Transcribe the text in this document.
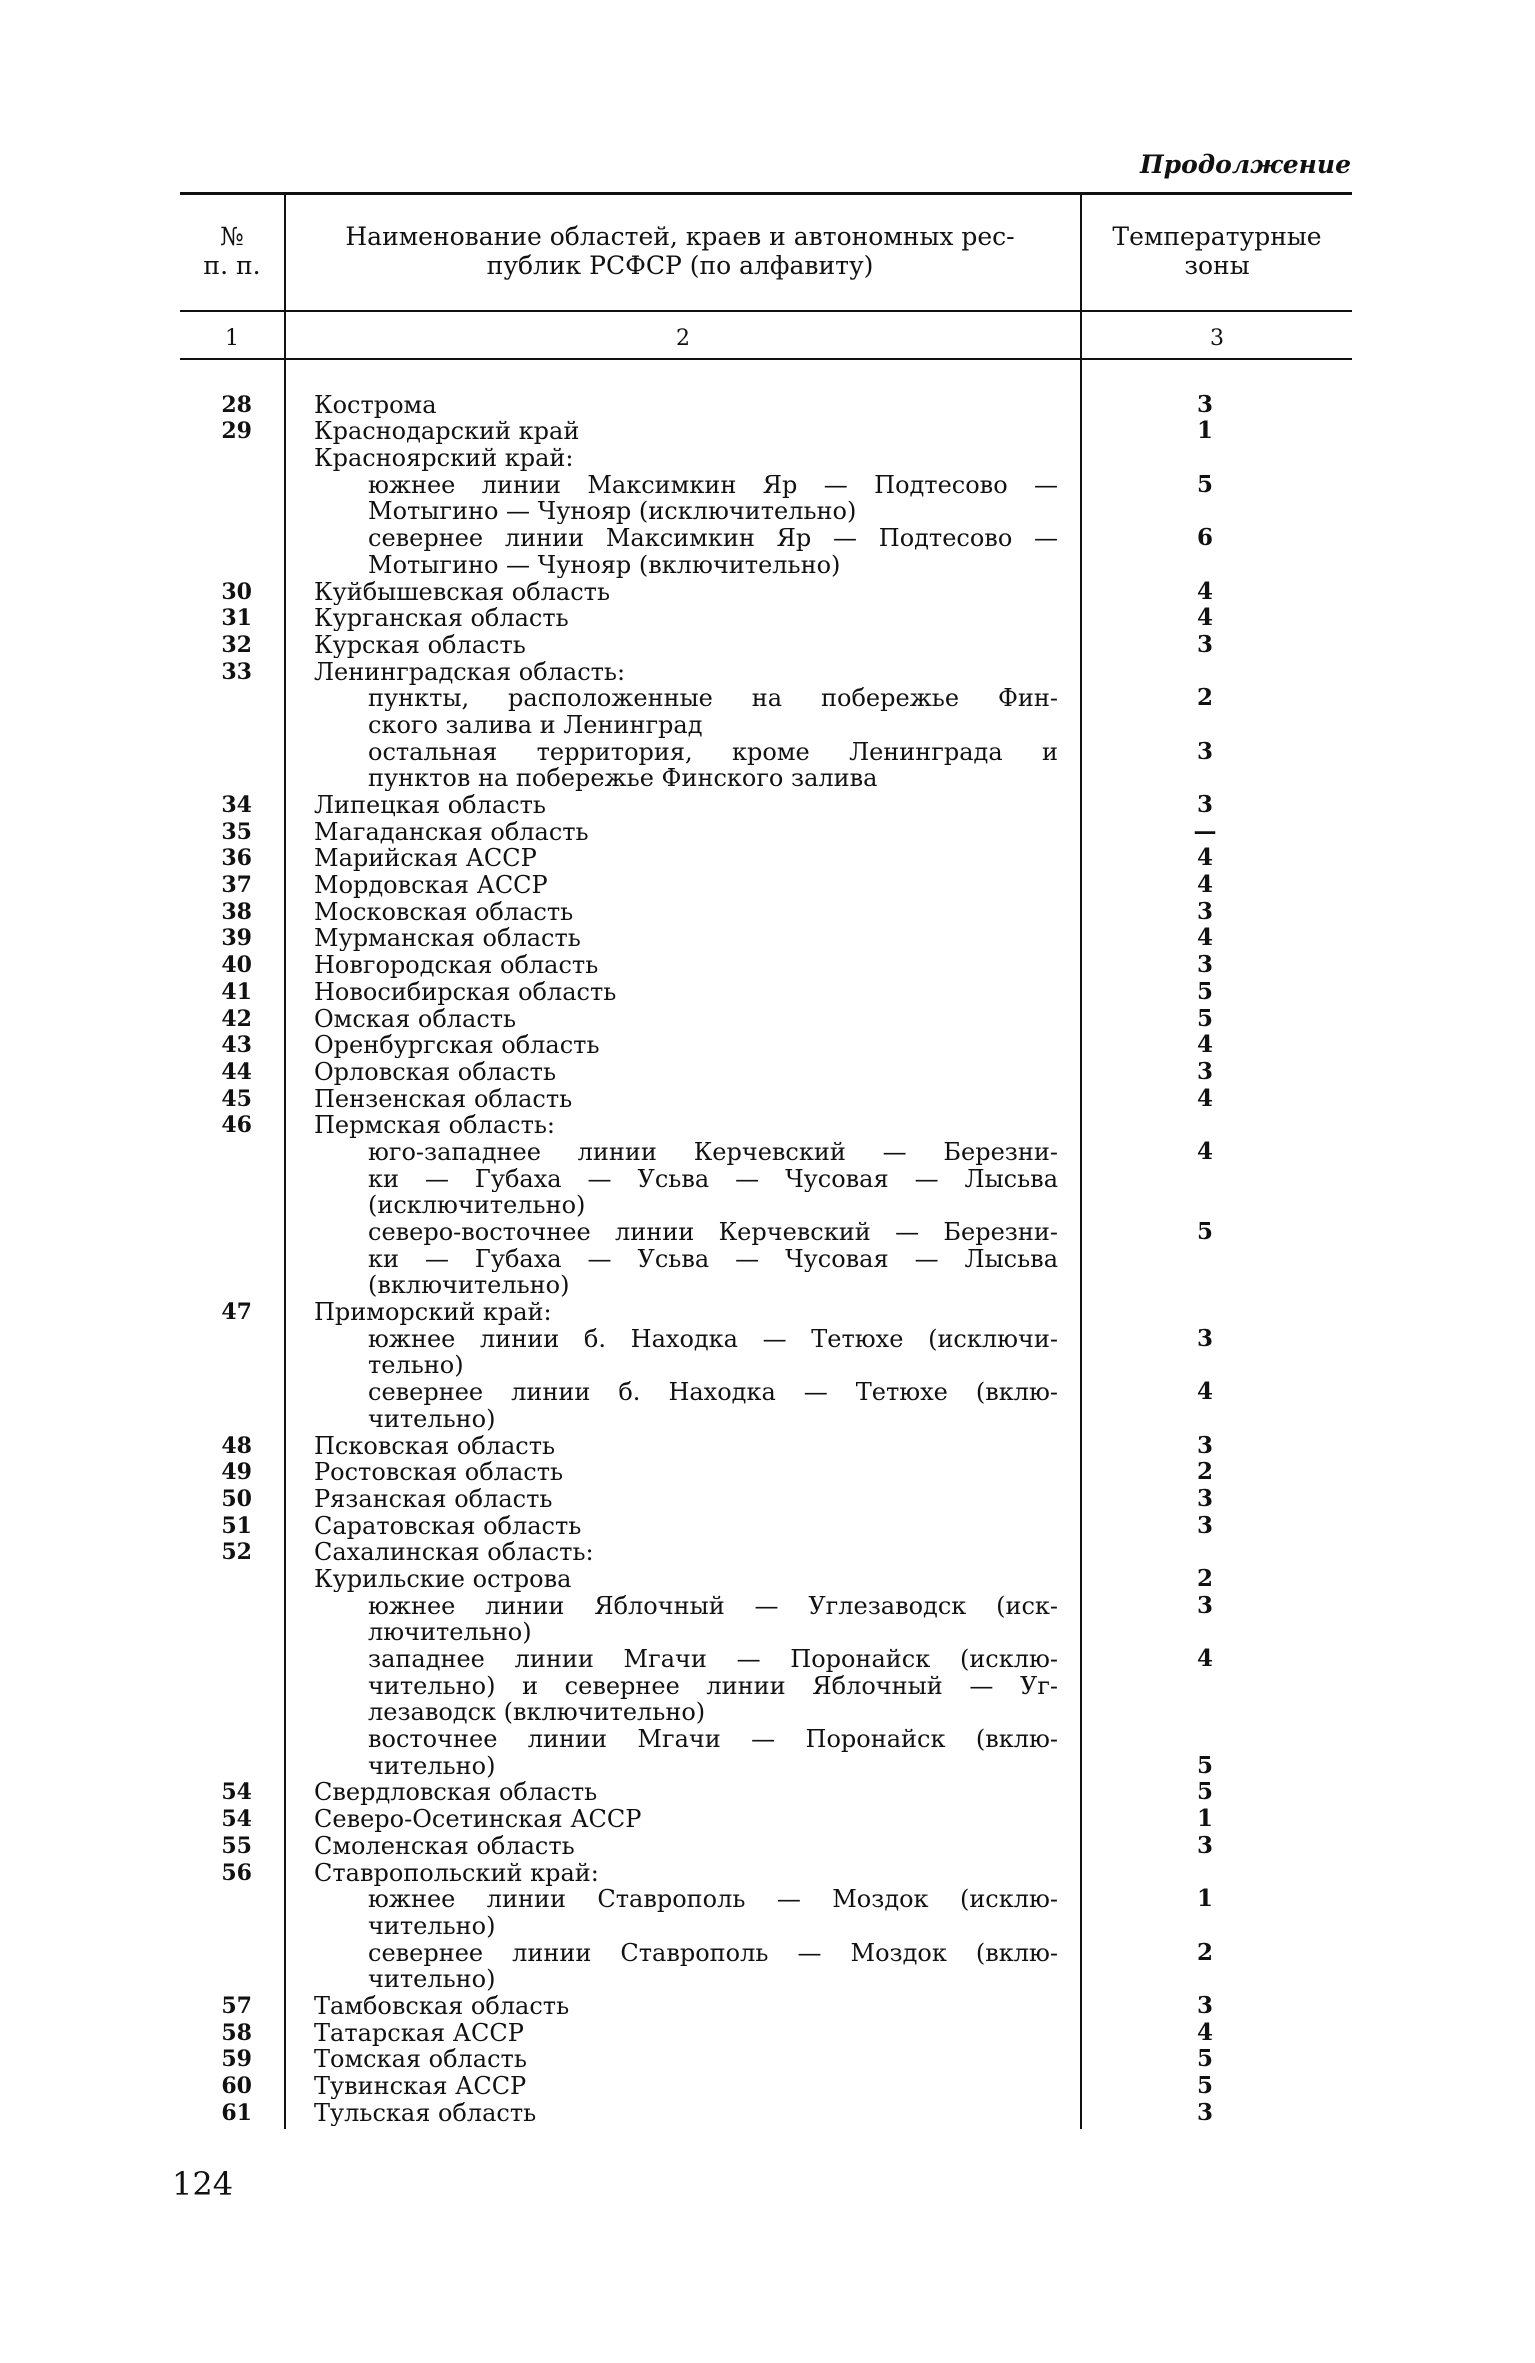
Продолжение
№
п. п.
Наименование областей, краев и автономных рес-
публик РСФСР (по алфавиту)
Температурные
зоны
1	2	3
28	Кострома	3
29	Краснодарский край	1
Красноярский край:
южнее линии Максимкин Яр — Подтесово —	5
Мотыгино — Чунояр (исключительно)
севернее линии Максимкин Яр — Подтесово —	6
Мотыгино — Чунояр (включительно)
30	Куйбышевская область	4
31	Курганская область	4
32	Курская область	3
33	Ленинградская область:
пункты, расположенные на побережье Фин-	2
ского залива и Ленинград
остальная территория, кроме Ленинграда и	3
пунктов на побережье Финского залива
34	Липецкая область	3
35	Магаданская область	—
36	Марийская АССР	4
37	Мордовская АССР	4
38	Московская область	3
39	Мурманская область	4
40	Новгородская область	3
41	Новосибирская область	5
42	Омская область	5
43	Оренбургская область	4
44	Орловская область	3
45	Пензенская область	4
46	Пермская область:
юго-западнее линии Керчевский — Березни-	4
ки — Губаха — Усьва — Чусовая — Лысьва
(исключительно)
северо-восточнее линии Керчевский — Березни-	5
ки — Губаха — Усьва — Чусовая — Лысьва
(включительно)
47	Приморский край:
южнее линии б. Находка — Тетюхе (исключи-	3
тельно)
севернее линии б. Находка — Тетюхе (вклю-	4
чительно)
48	Псковская область	3
49	Ростовская область	2
50	Рязанская область	3
51	Саратовская область	3
52	Сахалинская область:
Курильские острова	2
южнее линии Яблочный — Углезаводск (иск-	3
лючительно)
западнее линии Мгачи — Поронайск (исклю-	4
чительно) и севернее линии Яблочный — Уг-
лезаводск (включительно)
восточнее линии Мгачи — Поронайск (вклю-
чительно)	5
54	Свердловская область	5
54	Северо-Осетинская АССР	1
55	Смоленская область	3
56	Ставропольский край:
южнее линии Ставрополь — Моздок (исклю-	1
чительно)
севернее линии Ставрополь — Моздок (вклю-	2
чительно)
57	Тамбовская область	3
58	Татарская АССР	4
59	Томская область	5
60	Тувинская АССР	5
61	Тульская область	3
124
